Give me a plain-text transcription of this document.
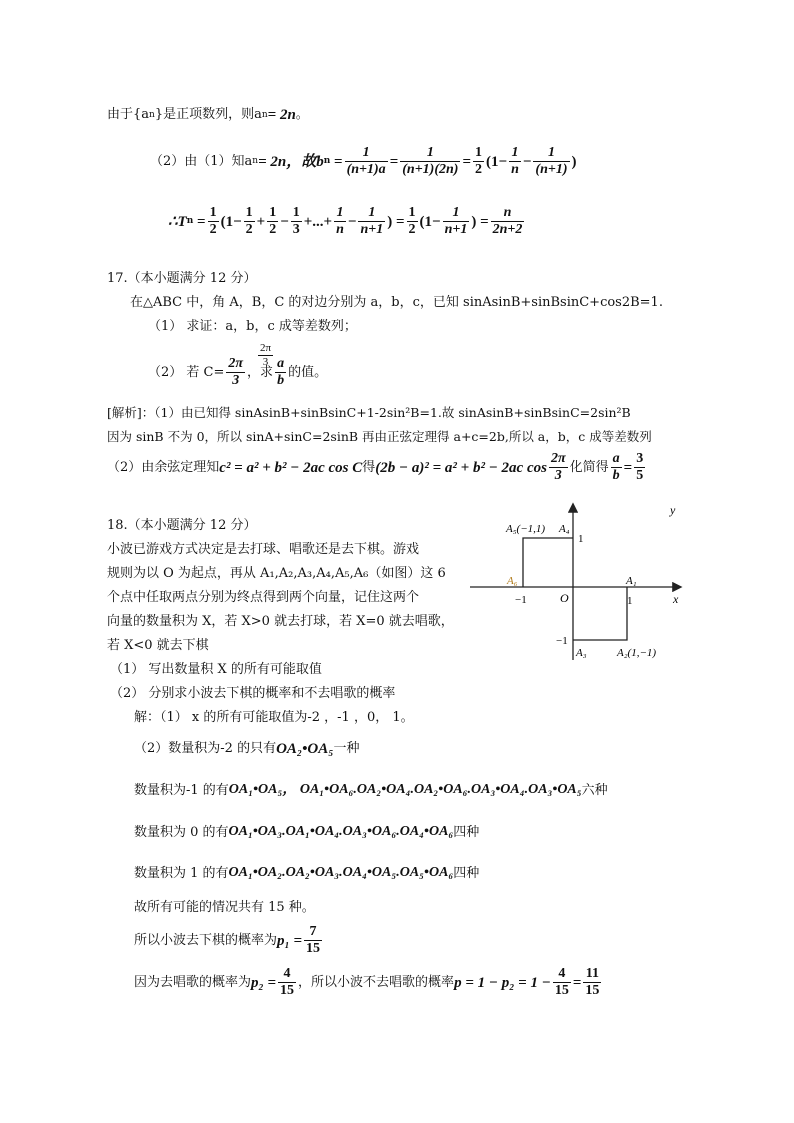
由于{a n }是正项数列，则a n = 2n 。
（2）由（1）知a n = 2n，故 b $n = \frac{1}{(n+1)a} = \frac{1}{(n+1)(2n)} = \frac{1}{2} (1- \frac{1}{n} - \frac{1}{(n+1)}$ )
∴T $n = \frac{1}{2} (1- \frac{1}{2} + \frac{1}{2} - \frac{1}{3}$ +...+ $\frac{1}{n} - \frac{1}{n+1}$ ) = $\frac{1}{2} (1- \frac{1}{n+1}$ ) = $\frac{n}{2n+2}$
17.（本小题满分 12 分）
在△ABC 中，角 A，B，C 的对边分别为 a，b，c，已知 sinAsinB+sinBsinC+cos2B=1.
（1） 求证：a，b，c 成等差数列；
$\frac{2\pi}{3}$
（2） 若 $C= \frac{2\pi}{3}$ ，求 $\frac{a}{b}$ 的值。
[解析]：（1）由已知得 sinAsinB+sinBsinC+1-2sin²B=1.故 sinAsinB+sinBsinC=2sin²B
因为 sinB 不为 0，所以 sinA+sinC=2sinB 再由正弦定理得 a+c=2b,所以 a，b，c 成等差数列
（2）由余弦定理知 c² = a² + b² − 2ac cos C 得 (2b − a)² = a² + b² − 2ac $\cos \frac{2\pi}{3}$ 化简得 $\frac{a}{b} = \frac{3}{5}$
18.（本小题满分 12 分）
小波已游戏方式决定是去打球、唱歌还是去下棋。游戏
规则为以 O 为起点，再从 A₁,A₂,A₃,A₄,A₅,A₆（如图）这 6
个点中任取两点分别为终点得到两个向量，记住这两个
向量的数量积为 X，若 X>0 就去打球，若 X=0 就去唱歌，
若 X<0 就去下棋
（1） 写出数量积 X 的所有可能取值
（2） 分别求小波去下棋的概率和不去唱歌的概率
解：（1） x 的所有可能取值为-2 ，-1 ，0， 1。
（2）数量积为-2 的只有 OA₂•OA₅ 一种
数量积为-1 的有 OA₁•OA₅， OA₁•OA₆.OA₂•OA₄.OA₂•OA₆.OA₃•OA₄.OA₃•OA₅ 六种
数量积为 0 的有 OA₁•OA₃.OA₁•OA₄.OA₃•OA₆.OA₄•OA₆ 四种
数量积为 1 的有 OA₁•OA₂.OA₂•OA₃.OA₄•OA₅.OA₅•OA₆ 四种
故所有可能的情况共有 15 种。
所以小波去下棋的概率为 $p_1 = \frac{7}{15}$
因为去唱歌的概率为 $p_2 = \frac{4}{15}$ ，所以小波不去唱歌的概率 $p = 1 - p_2 = 1 - \frac{4}{15} = \frac{11}{15}$
y
x
O
A₅(−1,1) A₄
1
A₆	A₁
−1	1
−1
A₃	A₂(1,−1)
